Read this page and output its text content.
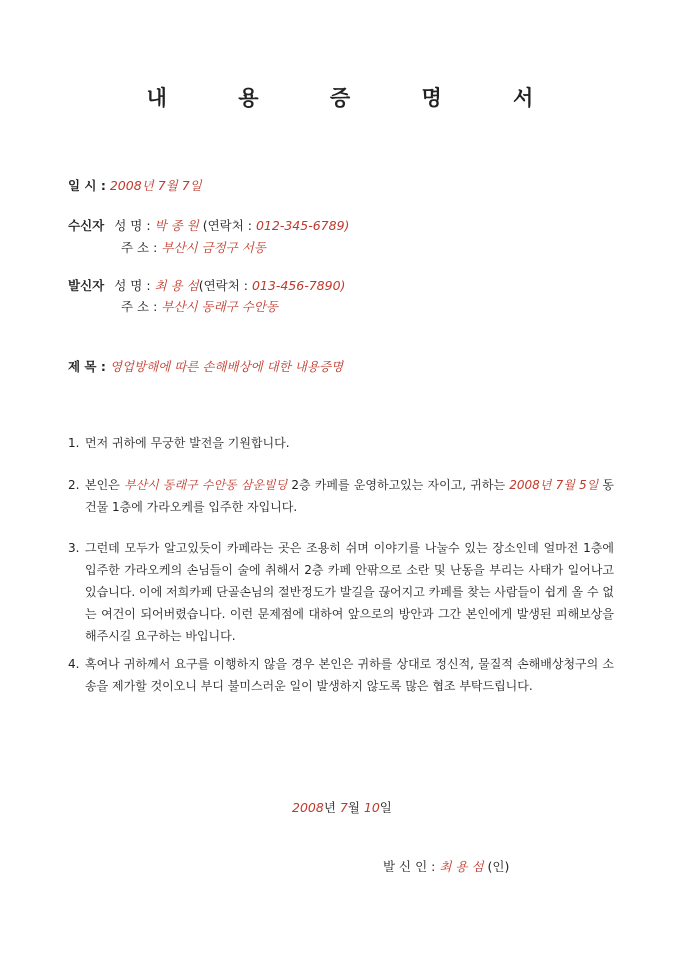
내 용 증 명 서
일 시 : 2008년 7월 7일
수신자 성 명 : 박 종 원 (연락처 : 012-345-6789)
주 소 : 부산시 금정구 서동
발신자 성 명 : 최 용 섬(연락처 : 013-456-7890)
주 소 : 부산시 동래구 수안동
제 목 : 영업방해에 따른 손해배상에 대한 내용증명
1. 먼저 귀하에 무궁한 발전을 기원합니다.
2. 본인은 부산시 동래구 수안동 삼운빌딩 2층 카페를 운영하고있는 자이고, 귀하는 2008년 7월 5일 동 건물 1층에 가라오케를 입주한 자입니다.
3. 그런데 모두가 알고있듯이 카페라는 곳은 조용히 쉬며 이야기를 나눌수 있는 장소인데 얼마전 1층에 입주한 가라오케의 손님들이 술에 취해서 2층 카페 안팎으로 소란 및 난동을 부리는 사태가 일어나고 있습니다. 이에 저희카페 단골손님의 절반정도가 발길을 끊어지고 카페를 찾는 사람들이 쉽게 올 수 없는 여건이 되어버렸습니다. 이런 문제점에 대하여 앞으로의 방안과 그간 본인에게 발생된 피해보상을 해주시길 요구하는 바입니다.
4. 혹여나 귀하께서 요구를 이행하지 않을 경우 본인은 귀하를 상대로 정신적, 물질적 손해배상청구의 소송을 제가할 것이오니 부디 불미스러운 일이 발생하지 않도록 많은 협조 부탁드립니다.
2008년 7월 10일
발 신 인 : 최 용 섬 (인)
